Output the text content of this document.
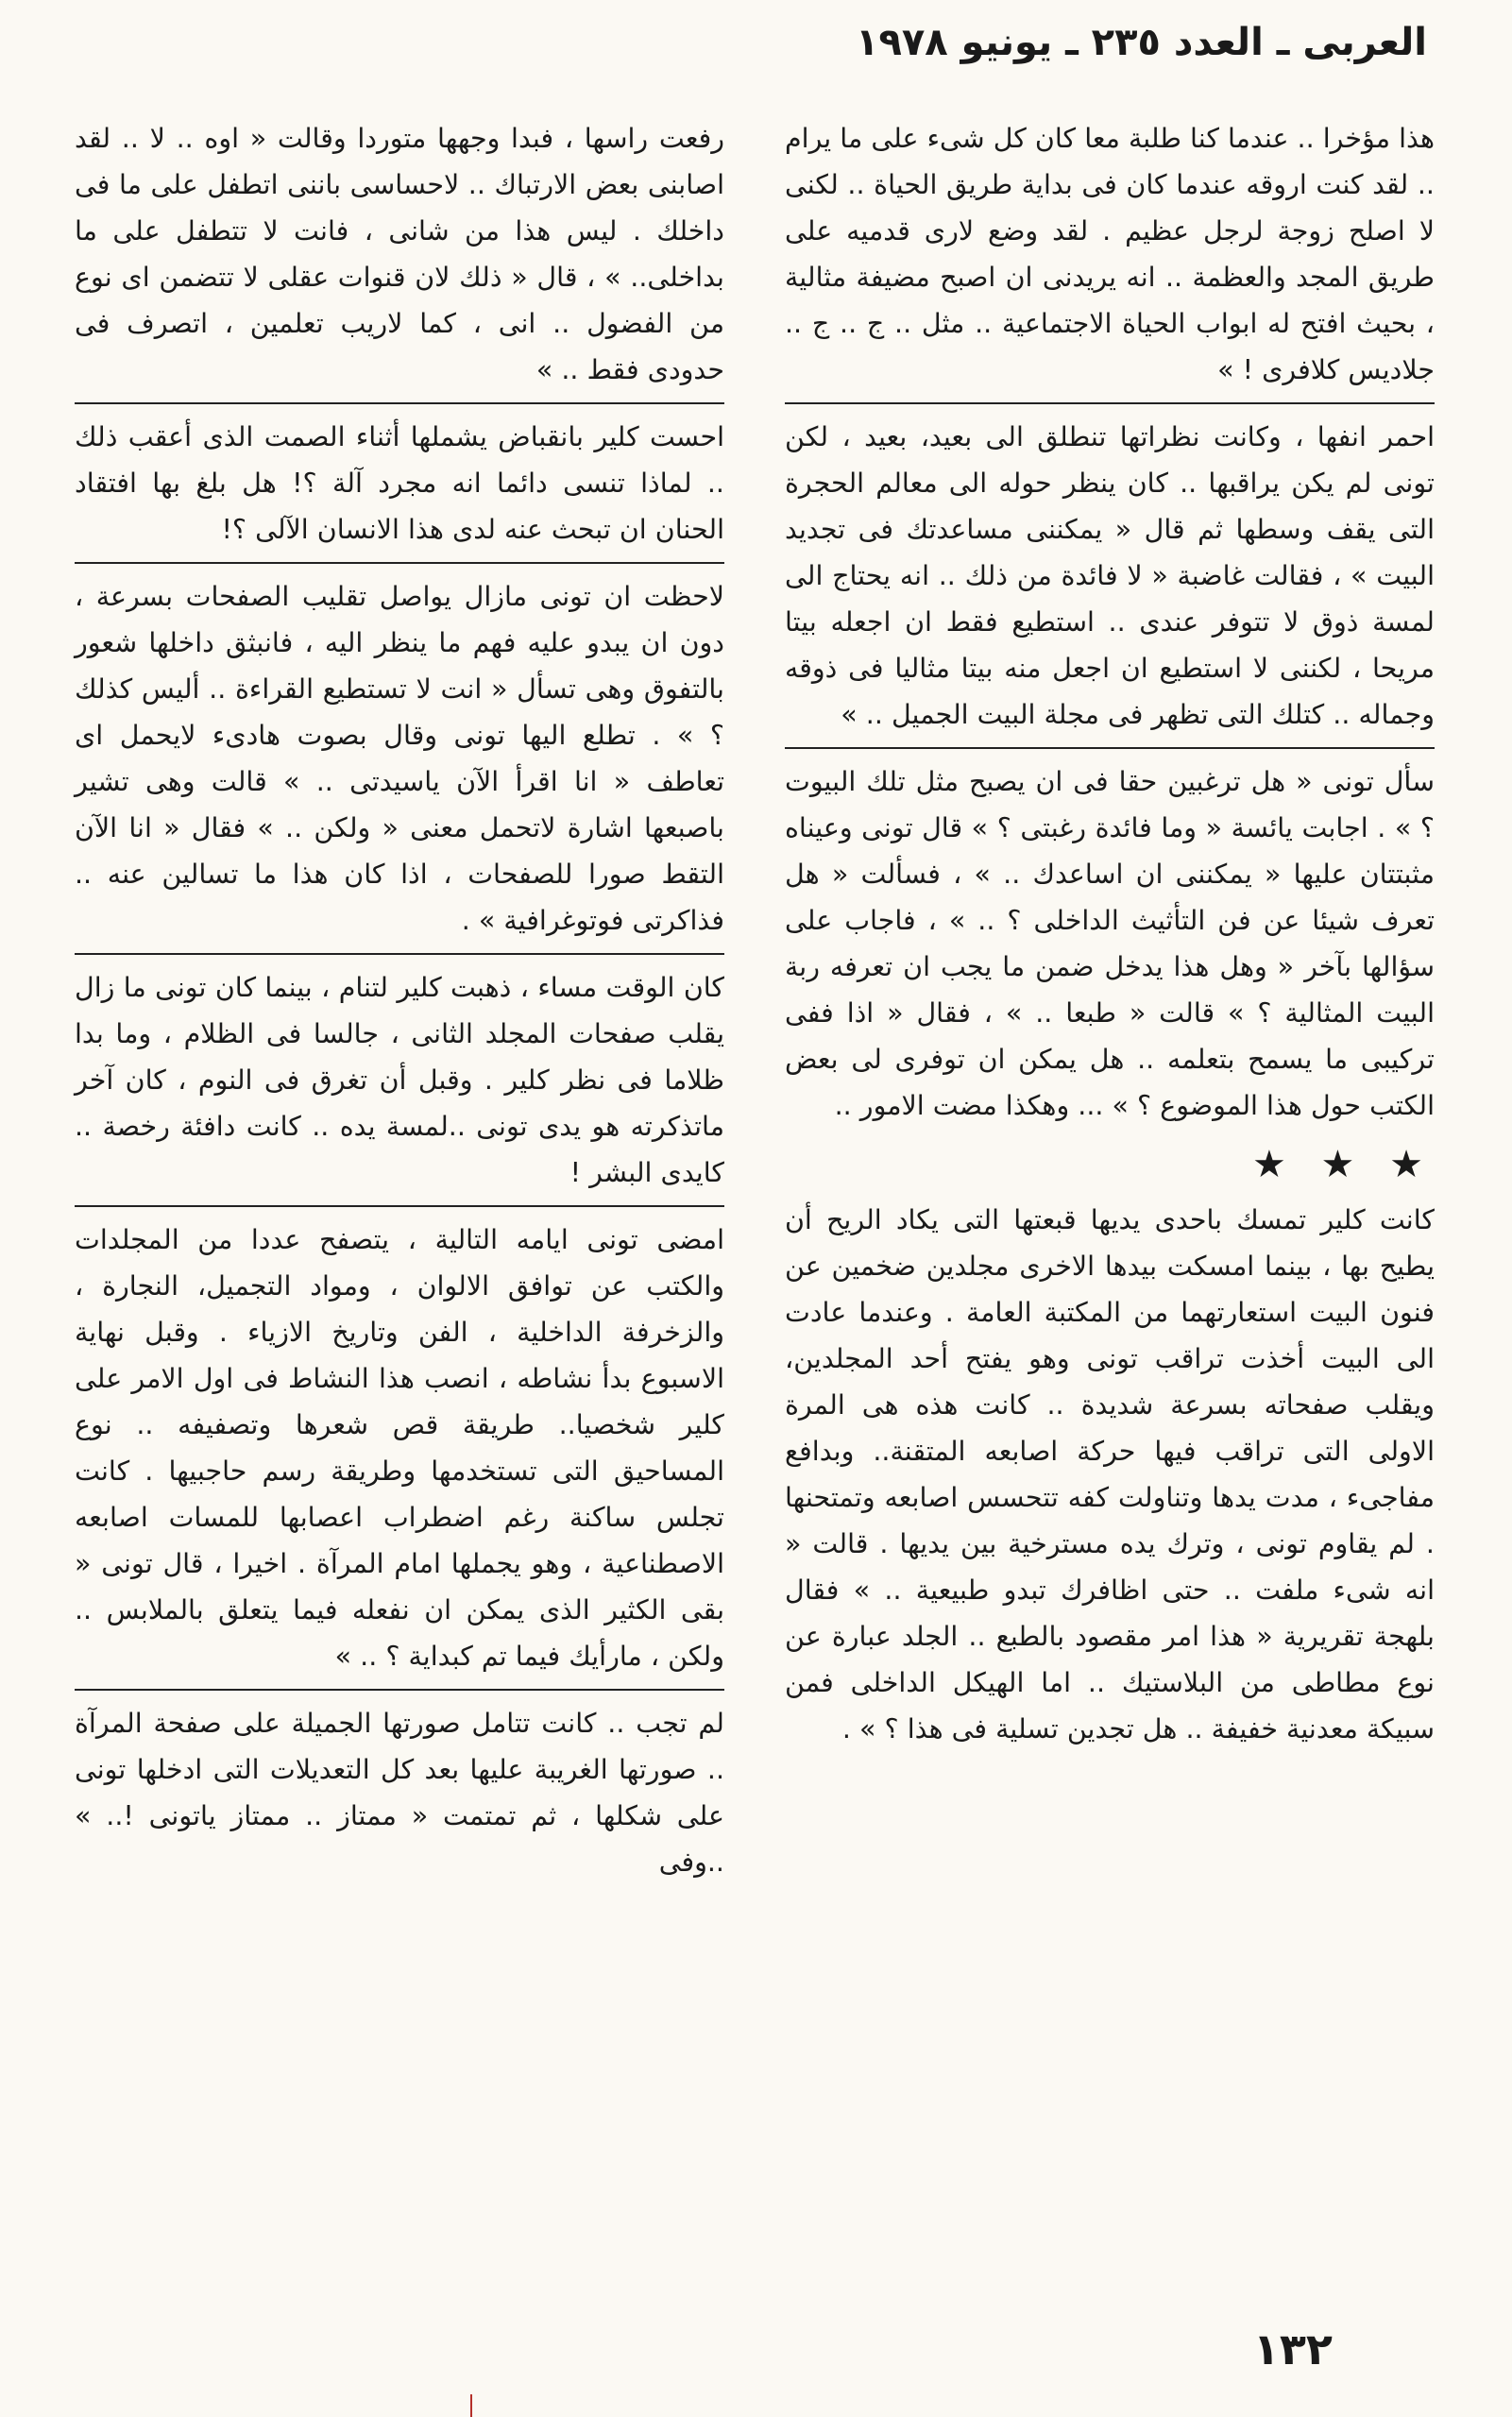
العربى ـ العدد ٢٣٥ ـ يونيو ١٩٧٨

هذا مؤخرا .. عندما كنا طلبة معا كان كل شىء على ما يرام .. لقد كنت اروقه عندما كان فى بداية طريق الحياة .. لكنى لا اصلح زوجة لرجل عظيم . لقد وضع لارى قدميه على طريق المجد والعظمة .. انه يريدنى ان اصبح مضيفة مثالية ، بحيث افتح له ابواب الحياة الاجتماعية .. مثل .. ج .. ج .. جلاديس كلافرى ! »

احمر انفها ، وكانت نظراتها تنطلق الى بعيد، بعيد ، لكن تونى لم يكن يراقبها .. كان ينظر حوله الى معالم الحجرة التى يقف وسطها ثم قال « يمكننى مساعدتك فى تجديد البيت » ، فقالت غاضبة « لا فائدة من ذلك .. انه يحتاج الى لمسة ذوق لا تتوفر عندى .. استطيع فقط ان اجعله بيتا مريحا ، لكننى لا استطيع ان اجعل منه بيتا مثاليا فى ذوقه وجماله .. كتلك التى تظهر فى مجلة البيت الجميل .. »

سأل تونى « هل ترغبين حقا فى ان يصبح مثل تلك البيوت ؟ » . اجابت يائسة « وما فائدة رغبتى ؟ » قال تونى وعيناه مثبتتان عليها « يمكننى ان اساعدك .. » ، فسألت « هل تعرف شيئا عن فن التأثيث الداخلى ؟ .. » ، فاجاب على سؤالها بآخر « وهل هذا يدخل ضمن ما يجب ان تعرفه ربة البيت المثالية ؟ » قالت « طبعا .. » ، فقال « اذا ففى تركيبى ما يسمح بتعلمه .. هل يمكن ان توفرى لى بعض الكتب حول هذا الموضوع ؟ » ... وهكذا مضت الامور ..

★ ★ ★

كانت كلير تمسك باحدى يديها قبعتها التى يكاد الريح أن يطيح بها ، بينما امسكت بيدها الاخرى مجلدين ضخمين عن فنون البيت استعارتهما من المكتبة العامة . وعندما عادت الى البيت أخذت تراقب تونى وهو يفتح أحد المجلدين، ويقلب صفحاته بسرعة شديدة .. كانت هذه هى المرة الاولى التى تراقب فيها حركة اصابعه المتقنة.. وبدافع مفاجىء ، مدت يدها وتناولت كفه تتحسس اصابعه وتمتحنها . لم يقاوم تونى ، وترك يده مسترخية بين يديها . قالت « انه شىء ملفت .. حتى اظافرك تبدو طبيعية .. » فقال بلهجة تقريرية « هذا امر مقصود بالطبع .. الجلد عبارة عن نوع مطاطى من البلاستيك .. اما الهيكل الداخلى فمن سبيكة معدنية خفيفة .. هل تجدين تسلية فى هذا ؟ » .

رفعت راسها ، فبدا وجهها متوردا وقالت « اوه .. لا .. لقد اصابنى بعض الارتباك .. لاحساسى باننى اتطفل على ما فى داخلك . ليس هذا من شانى ، فانت لا تتطفل على ما بداخلى.. » ، قال « ذلك لان قنوات عقلى لا تتضمن اى نوع من الفضول .. انى ، كما لاريب تعلمين ، اتصرف فى حدودى فقط .. »

احست كلير بانقباض يشملها أثناء الصمت الذى أعقب ذلك .. لماذا تنسى دائما انه مجرد آلة ؟! هل بلغ بها افتقاد الحنان ان تبحث عنه لدى هذا الانسان الآلى ؟!

لاحظت ان تونى مازال يواصل تقليب الصفحات بسرعة ، دون ان يبدو عليه فهم ما ينظر اليه ، فانبثق داخلها شعور بالتفوق وهى تسأل « انت لا تستطيع القراءة .. أليس كذلك ؟ » . تطلع اليها تونى وقال بصوت هادىء لايحمل اى تعاطف « انا اقرأ الآن ياسيدتى .. » قالت وهى تشير باصبعها اشارة لاتحمل معنى « ولكن .. » فقال « انا الآن التقط صورا للصفحات ، اذا كان هذا ما تسالين عنه .. فذاكرتى فوتوغرافية » .

كان الوقت مساء ، ذهبت كلير لتنام ، بينما كان تونى ما زال يقلب صفحات المجلد الثانى ، جالسا فى الظلام ، وما بدا ظلاما فى نظر كلير . وقبل أن تغرق فى النوم ، كان آخر ماتذكرته هو يدى تونى ..لمسة يده .. كانت دافئة رخصة .. كايدى البشر !

امضى تونى ايامه التالية ، يتصفح عددا من المجلدات والكتب عن توافق الالوان ، ومواد التجميل، النجارة ، والزخرفة الداخلية ، الفن وتاريخ الازياء . وقبل نهاية الاسبوع بدأ نشاطه ، انصب هذا النشاط فى اول الامر على كلير شخصيا.. طريقة قص شعرها وتصفيفه .. نوع المساحيق التى تستخدمها وطريقة رسم حاجبيها . كانت تجلس ساكنة رغم اضطراب اعصابها للمسات اصابعه الاصطناعية ، وهو يجملها امام المرآة . اخيرا ، قال تونى « بقى الكثير الذى يمكن ان نفعله فيما يتعلق بالملابس .. ولكن ، مارأيك فيما تم كبداية ؟ .. »

لم تجب .. كانت تتامل صورتها الجميلة على صفحة المرآة .. صورتها الغريبة عليها بعد كل التعديلات التى ادخلها تونى على شكلها ، ثم تمتمت « ممتاز .. ممتاز ياتونى !.. » ..وفى

١٣٢
